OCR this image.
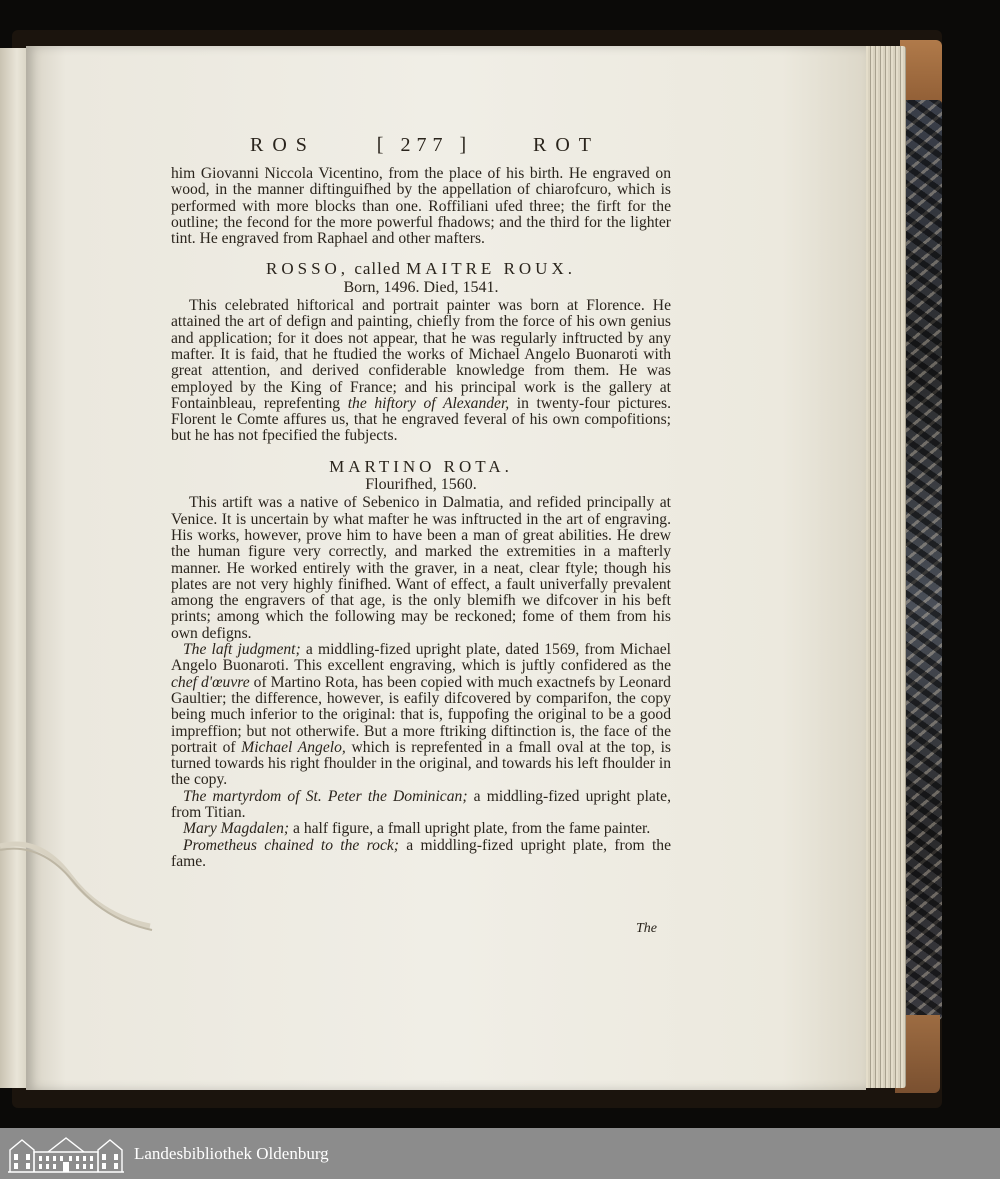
ROS	[ 277 ]	ROT

him Giovanni Niccola Vicentino, from the place of his birth. He engraved on wood, in the manner diftinguifhed by the appellation of chiarofcuro, which is performed with more blocks than one. Roffiliani ufed three; the firft for the outline; the fecond for the more powerful fhadows; and the third for the lighter tint. He engraved from Raphael and other mafters.

ROSSO, called MAITRE ROUX.
Born, 1496. Died, 1541.

This celebrated hiftorical and portrait painter was born at Florence. He attained the art of defign and painting, chiefly from the force of his own genius and application; for it does not appear, that he was regularly inftructed by any mafter. It is faid, that he ftudied the works of Michael Angelo Buonaroti with great attention, and derived confiderable knowledge from them. He was employed by the King of France; and his principal work is the gallery at Fontainbleau, reprefenting the hiftory of Alexander, in twenty-four pictures. Florent le Comte affures us, that he engraved feveral of his own compofitions; but he has not fpecified the fubjects.

MARTINO ROTA.
Flourifhed, 1560.

This artift was a native of Sebenico in Dalmatia, and refided principally at Venice. It is uncertain by what mafter he was inftructed in the art of engraving. His works, however, prove him to have been a man of great abilities. He drew the human figure very correctly, and marked the extremities in a mafterly manner. He worked entirely with the graver, in a neat, clear ftyle; though his plates are not very highly finifhed. Want of effect, a fault univerfally prevalent among the engravers of that age, is the only blemifh we difcover in his beft prints; among which the following may be reckoned; fome of them from his own defigns.

The laft judgment; a middling-fized upright plate, dated 1569, from Michael Angelo Buonaroti. This excellent engraving, which is juftly confidered as the chef d'œuvre of Martino Rota, has been copied with much exactnefs by Leonard Gaultier; the difference, however, is eafily difcovered by comparifon, the copy being much inferior to the original: that is, fuppofing the original to be a good impreffion; but not otherwife. But a more ftriking diftinction is, the face of the portrait of Michael Angelo, which is reprefented in a fmall oval at the top, is turned towards his right fhoulder in the original, and towards his left fhoulder in the copy.

The martyrdom of St. Peter the Dominican; a middling-fized upright plate, from Titian.

Mary Magdalen; a half figure, a fmall upright plate, from the fame painter.

Prometheus chained to the rock; a middling-fized upright plate, from the fame.

The
Landesbibliothek Oldenburg
